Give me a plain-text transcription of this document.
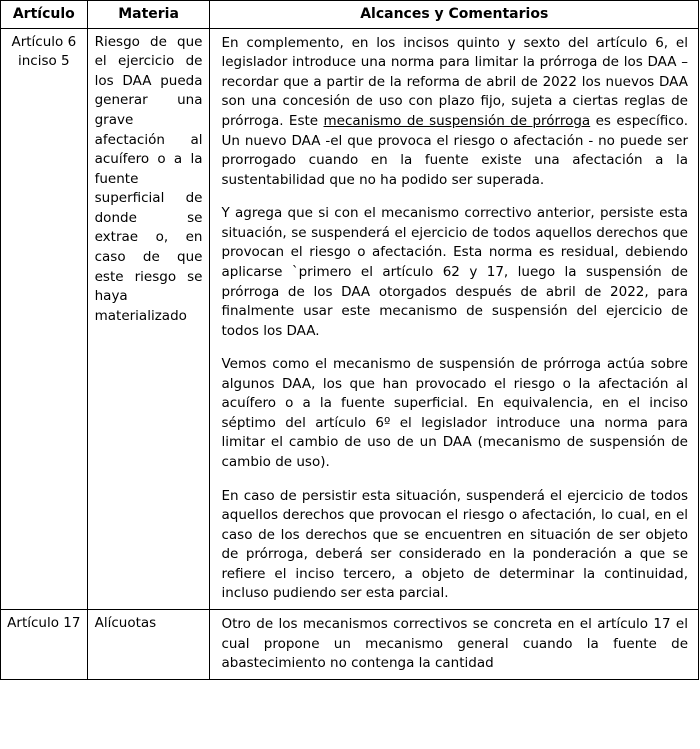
Artículo	Materia	Alcances y Comentarios
Artículo 6 inciso 5	Riesgo de que el ejercicio de los DAA pueda generar una grave afectación al acuífero o a la fuente superficial de donde se extrae o, en caso de que este riesgo se haya materializado	En complemento, en los incisos quinto y sexto del artículo 6, el legislador introduce una norma para limitar la prórroga de los DAA – recordar que a partir de la reforma de abril de 2022 los nuevos DAA son una concesión de uso con plazo fijo, sujeta a ciertas reglas de prórroga. Este mecanismo de suspensión de prórroga es específico. Un nuevo DAA -el que provoca el riesgo o afectación - no puede ser prorrogado cuando en la fuente existe una afectación a la sustentabilidad que no ha podido ser superada.

Y agrega que si con el mecanismo correctivo anterior, persiste esta situación, se suspenderá el ejercicio de todos aquellos derechos que provocan el riesgo o afectación. Esta norma es residual, debiendo aplicarse `primero el artículo 62 y 17, luego la suspensión de prórroga de los DAA otorgados después de abril de 2022, para finalmente usar este mecanismo de suspensión del ejercicio de todos los DAA.

Vemos como el mecanismo de suspensión de prórroga actúa sobre algunos DAA, los que han provocado el riesgo o la afectación al acuífero o a la fuente superficial. En equivalencia, en el inciso séptimo del artículo 6º el legislador introduce una norma para limitar el cambio de uso de un DAA (mecanismo de suspensión de cambio de uso).

En caso de persistir esta situación, suspenderá el ejercicio de todos aquellos derechos que provocan el riesgo o afectación, lo cual, en el caso de los derechos que se encuentren en situación de ser objeto de prórroga, deberá ser considerado en la ponderación a que se refiere el inciso tercero, a objeto de determinar la continuidad, incluso pudiendo ser esta parcial.

Artículo 17	Alícuotas	Otro de los mecanismos correctivos se concreta en el artículo 17 el cual propone un mecanismo general cuando la fuente de abastecimiento no contenga la cantidad
